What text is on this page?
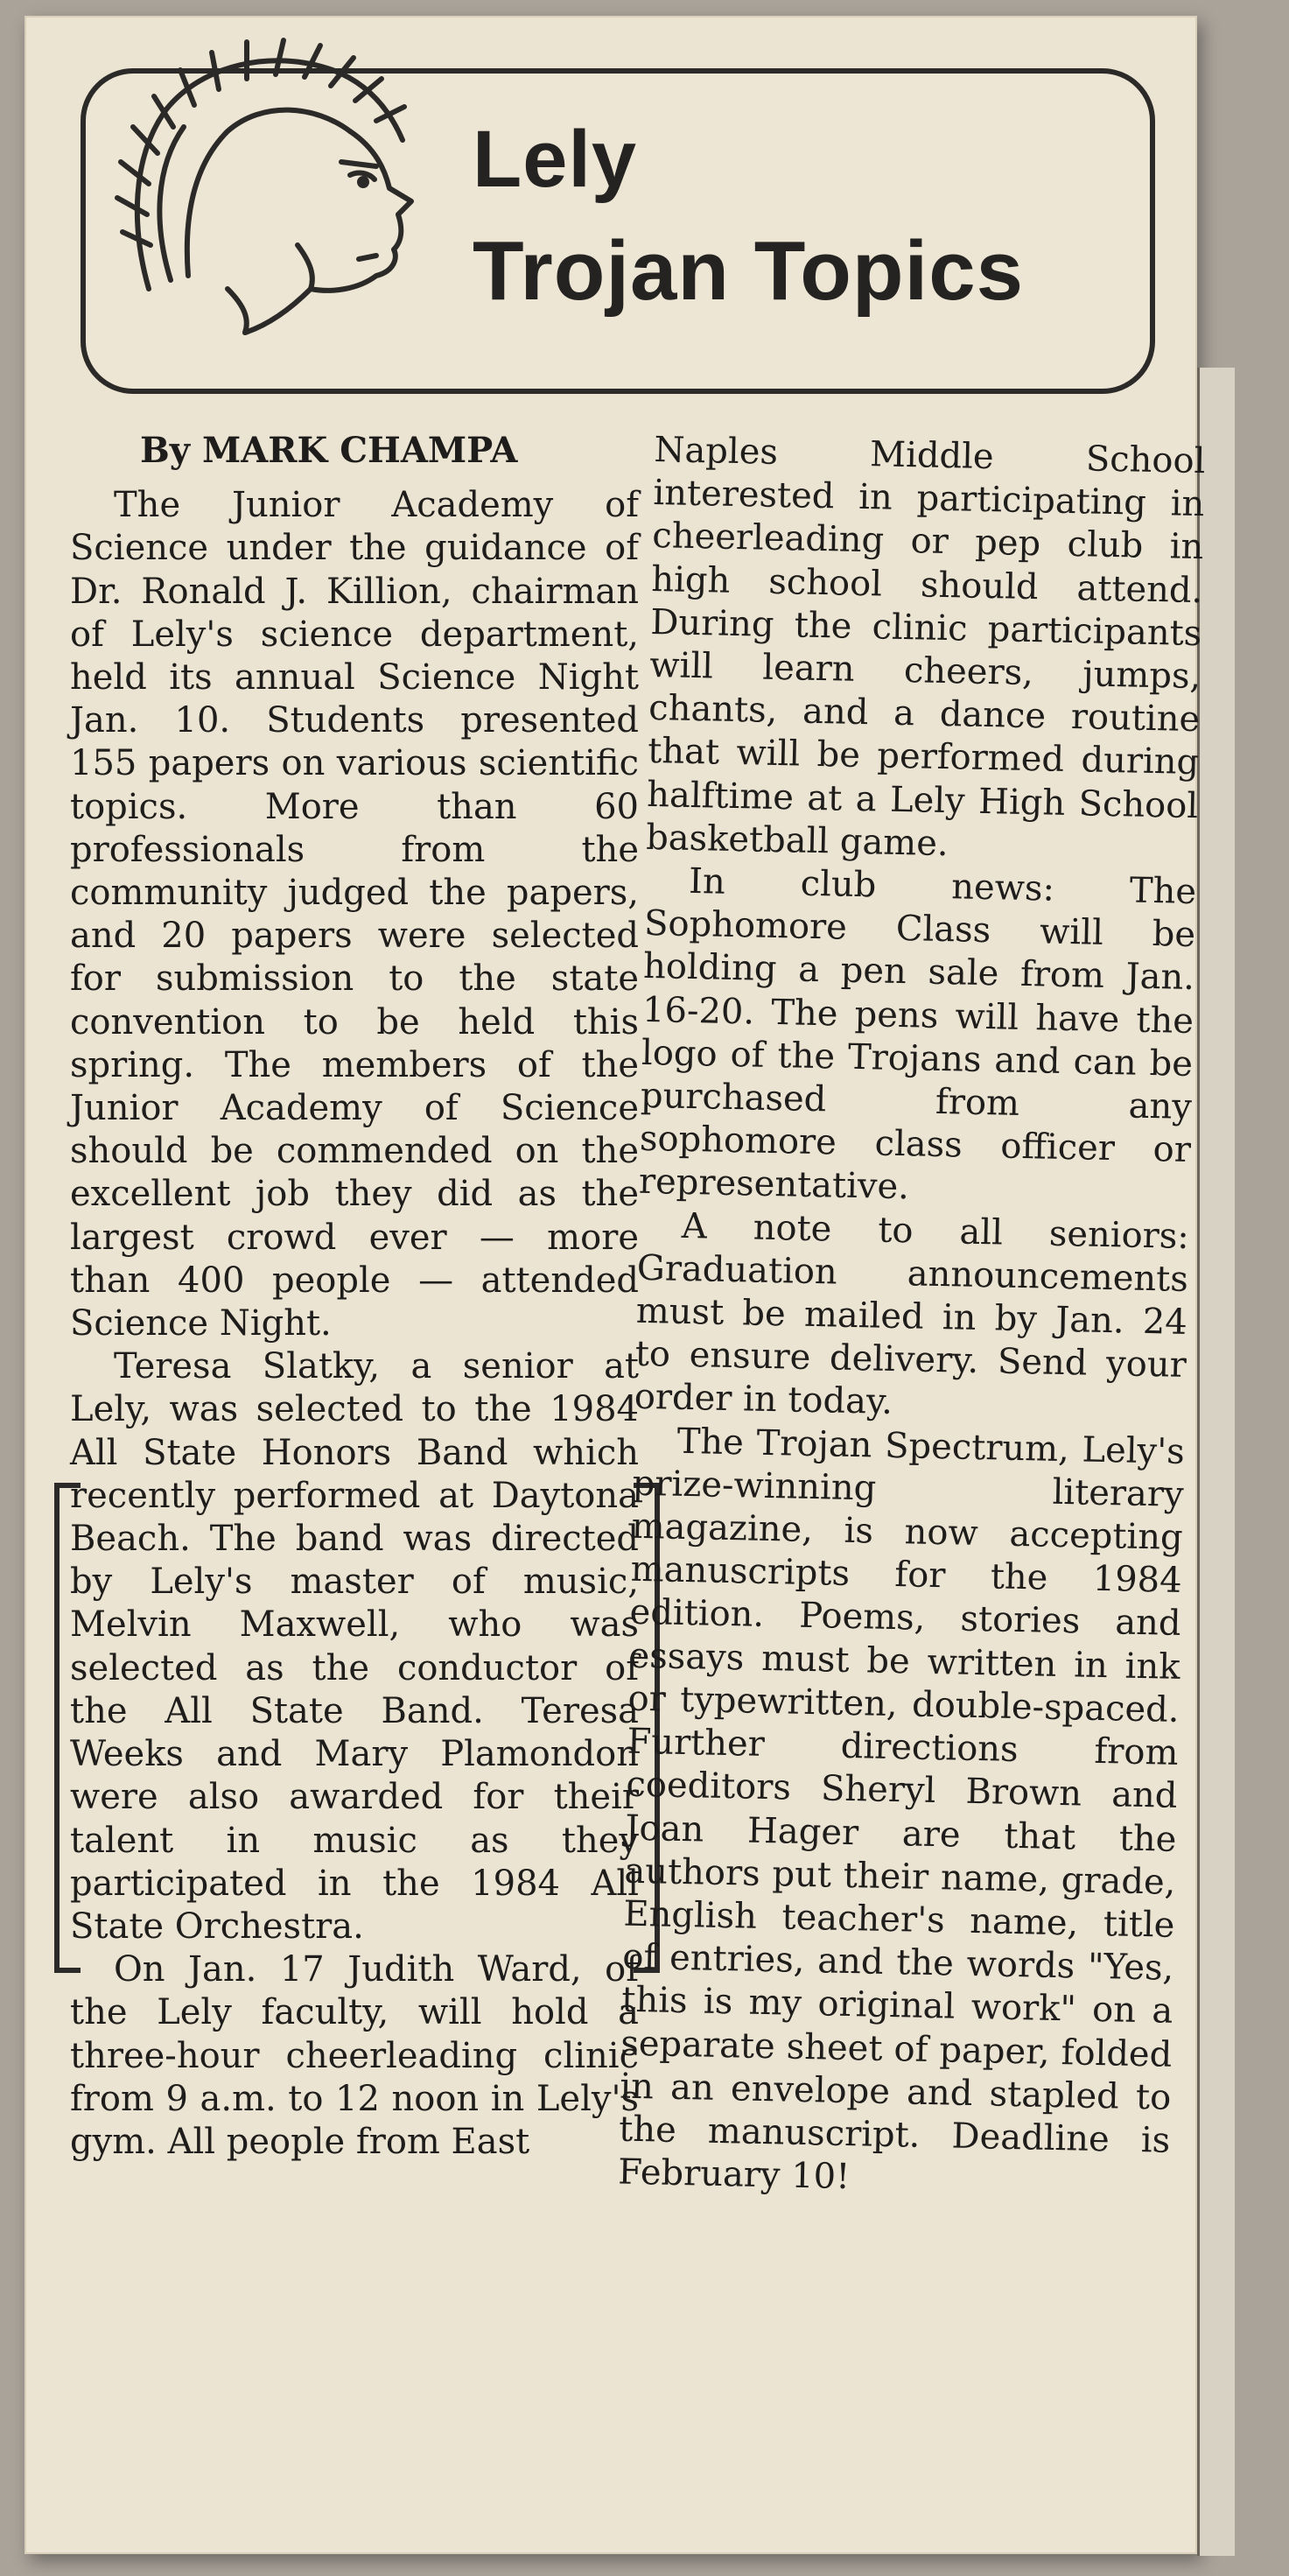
Lely
Trojan Topics
By MARK CHAMPA

The Junior Academy of Science under the guidance of Dr. Ronald J. Killion, chairman of Lely's science department, held its annual Science Night Jan. 10. Students presented 155 papers on various scientific topics. More than 60 professionals from the community judged the papers, and 20 papers were selected for submission to the state convention to be held this spring. The members of the Junior Academy of Science should be commended on the excellent job they did as the largest crowd ever — more than 400 people — attended Science Night.

Teresa Slatky, a senior at Lely, was selected to the 1984 All State Honors Band which recently performed at Daytona Beach. The band was directed by Lely's master of music, Melvin Maxwell, who was selected as the conductor of the All State Band. Teresa Weeks and Mary Plamondon were also awarded for their talent in music as they participated in the 1984 All State Orchestra.

On Jan. 17 Judith Ward, of the Lely faculty, will hold a three-hour cheerleading clinic from 9 a.m. to 12 noon in Lely's gym. All people from East

Naples Middle School interested in participating in cheerleading or pep club in high school should attend. During the clinic participants will learn cheers, jumps, chants, and a dance routine that will be performed during halftime at a Lely High School basketball game.

In club news: The Sophomore Class will be holding a pen sale from Jan. 16-20. The pens will have the logo of the Trojans and can be purchased from any sophomore class officer or representative.

A note to all seniors: Graduation announcements must be mailed in by Jan. 24 to ensure delivery. Send your order in today.

The Trojan Spectrum, Lely's prize-winning literary magazine, is now accepting manuscripts for the 1984 edition. Poems, stories and essays must be written in ink or typewritten, double-spaced. Further directions from coeditors Sheryl Brown and Joan Hager are that the authors put their name, grade, English teacher's name, title of entries, and the words "Yes, this is my original work" on a separate sheet of paper, folded in an envelope and stapled to the manuscript. Deadline is February 10!
